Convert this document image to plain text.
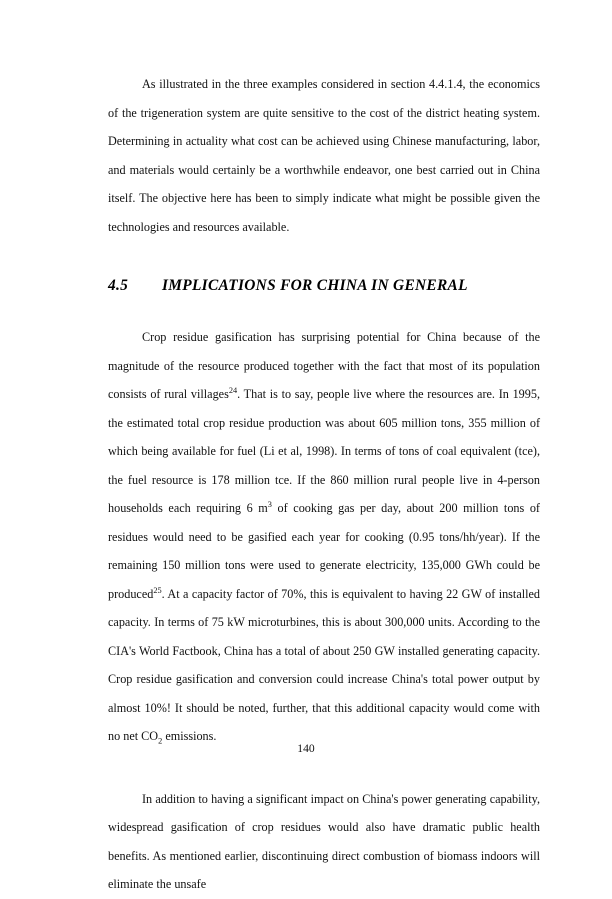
As illustrated in the three examples considered in section 4.4.1.4, the economics of the trigeneration system are quite sensitive to the cost of the district heating system. Determining in actuality what cost can be achieved using Chinese manufacturing, labor, and materials would certainly be a worthwhile endeavor, one best carried out in China itself. The objective here has been to simply indicate what might be possible given the technologies and resources available.

4.5 IMPLICATIONS FOR CHINA IN GENERAL

Crop residue gasification has surprising potential for China because of the magnitude of the resource produced together with the fact that most of its population consists of rural villages$^{24}$. That is to say, people live where the resources are. In 1995, the estimated total crop residue production was about 605 million tons, 355 million of which being available for fuel (Li et al, 1998). In terms of tons of coal equivalent (tce), the fuel resource is 178 million tce. If the 860 million rural people live in 4-person households each requiring 6 $m^3$ of cooking gas per day, about 200 million tons of residues would need to be gasified each year for cooking (0.95 tons/hh/year). If the remaining 150 million tons were used to generate electricity, 135,000 GWh could be produced$^{25}$. At a capacity factor of 70%, this is equivalent to having 22 GW of installed capacity. In terms of 75 kW microturbines, this is about 300,000 units. According to the CIA's World Factbook, China has a total of about 250 GW installed generating capacity. Crop residue gasification and conversion could increase China's total power output by almost 10%! It should be noted, further, that this additional capacity would come with no net $CO_2$ emissions.

In addition to having a significant impact on China's power generating capability, widespread gasification of crop residues would also have dramatic public health benefits. As mentioned earlier, discontinuing direct combustion of biomass indoors will eliminate the unsafe

140
